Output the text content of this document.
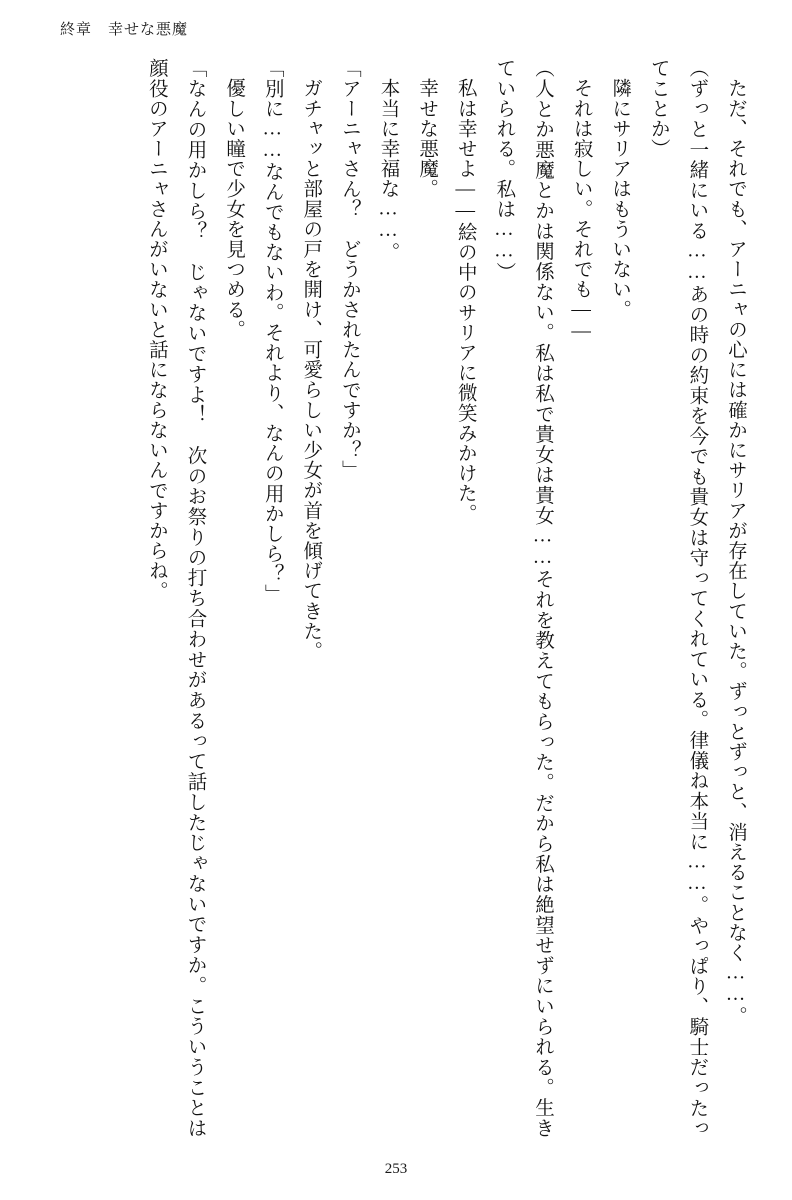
終章 幸せな悪魔

ただ、それでも、アーニャの心には確かにサリアが存在していた。ずっとずっと、消えることなく……。

（ずっと一緒にいる……あの時の約束を今でも貴女は守ってくれている。律儀ね本当に……。やっぱり、騎士だったってことか）

隣にサリアはもういない。

それは寂しい。それでも――

（人とか悪魔とかは関係ない。私は私で貴女は貴女……それを教えてもらった。だから私は絶望せずにいられる。生きていられる。私は……）

私は幸せよ――絵の中のサリアに微笑みかけた。

幸せな悪魔。

本当に幸福な……。

「アーニャさん？　どうかされたんですか？」

ガチャッと部屋の戸を開け、可愛らしい少女が首を傾げてきた。

「別に……なんでもないわ。それより、なんの用かしら？」

優しい瞳で少女を見つめる。

「なんの用かしら？　じゃないですよ！　次のお祭りの打ち合わせがあるって話したじゃないですか。こういうことは顔役のアーニャさんがいないと話にならないんですからね。

253
